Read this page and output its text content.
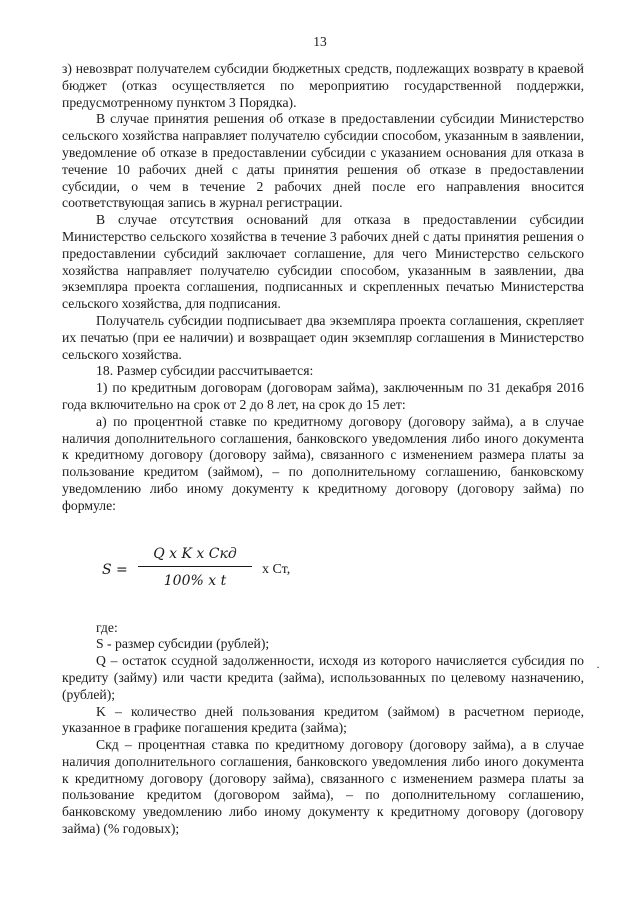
13

з) невозврат получателем субсидии бюджетных средств, подлежащих возврату в краевой бюджет (отказ осуществляется по мероприятию государственной поддержки, предусмотренному пунктом 3 Порядка).

В случае принятия решения об отказе в предоставлении субсидии Министерство сельского хозяйства направляет получателю субсидии способом, указанным в заявлении, уведомление об отказе в предоставлении субсидии с указанием основания для отказа в течение 10 рабочих дней с даты принятия решения об отказе в предоставлении субсидии, о чем в течение 2 рабочих дней после его направления вносится соответствующая запись в журнал регистрации.

В случае отсутствия оснований для отказа в предоставлении субсидии Министерство сельского хозяйства в течение 3 рабочих дней с даты принятия решения о предоставлении субсидий заключает соглашение, для чего Министерство сельского хозяйства направляет получателю субсидии способом, указанным в заявлении, два экземпляра проекта соглашения, подписанных и скрепленных печатью Министерства сельского хозяйства, для подписания.

Получатель субсидии подписывает два экземпляра проекта соглашения, скрепляет их печатью (при ее наличии) и возвращает один экземпляр соглашения в Министерство сельского хозяйства.

18. Размер субсидии рассчитывается:

1) по кредитным договорам (договорам займа), заключенным по 31 декабря 2016 года включительно на срок от 2 до 8 лет, на срок до 15 лет:

а) по процентной ставке по кредитному договору (договору займа), а в случае наличия дополнительного соглашения, банковского уведомления либо иного документа к кредитному договору (договору займа), связанного с изменением размера платы за пользование кредитом (займом), – по дополнительному соглашению, банковскому уведомлению либо иному документу к кредитному договору (договору займа) по формуле:

S =
Q x K x Cкд
100% x t
x Ст,

где:

S - размер субсидии (рублей);

Q – остаток ссудной задолженности, исходя из которого начисляется субсидия по кредиту (займу) или части кредита (займа), использованных по целевому назначению, (рублей);

K – количество дней пользования кредитом (займом) в расчетном периоде, указанное в графике погашения кредита (займа);

Cкд – процентная ставка по кредитному договору (договору займа), а в случае наличия дополнительного соглашения, банковского уведомления либо иного документа к кредитному договору (договору займа), связанного с изменением размера платы за пользование кредитом (договором займа), – по дополнительному соглашению, банковскому уведомлению либо иному документу к кредитному договору (договору займа) (% годовых);

·
